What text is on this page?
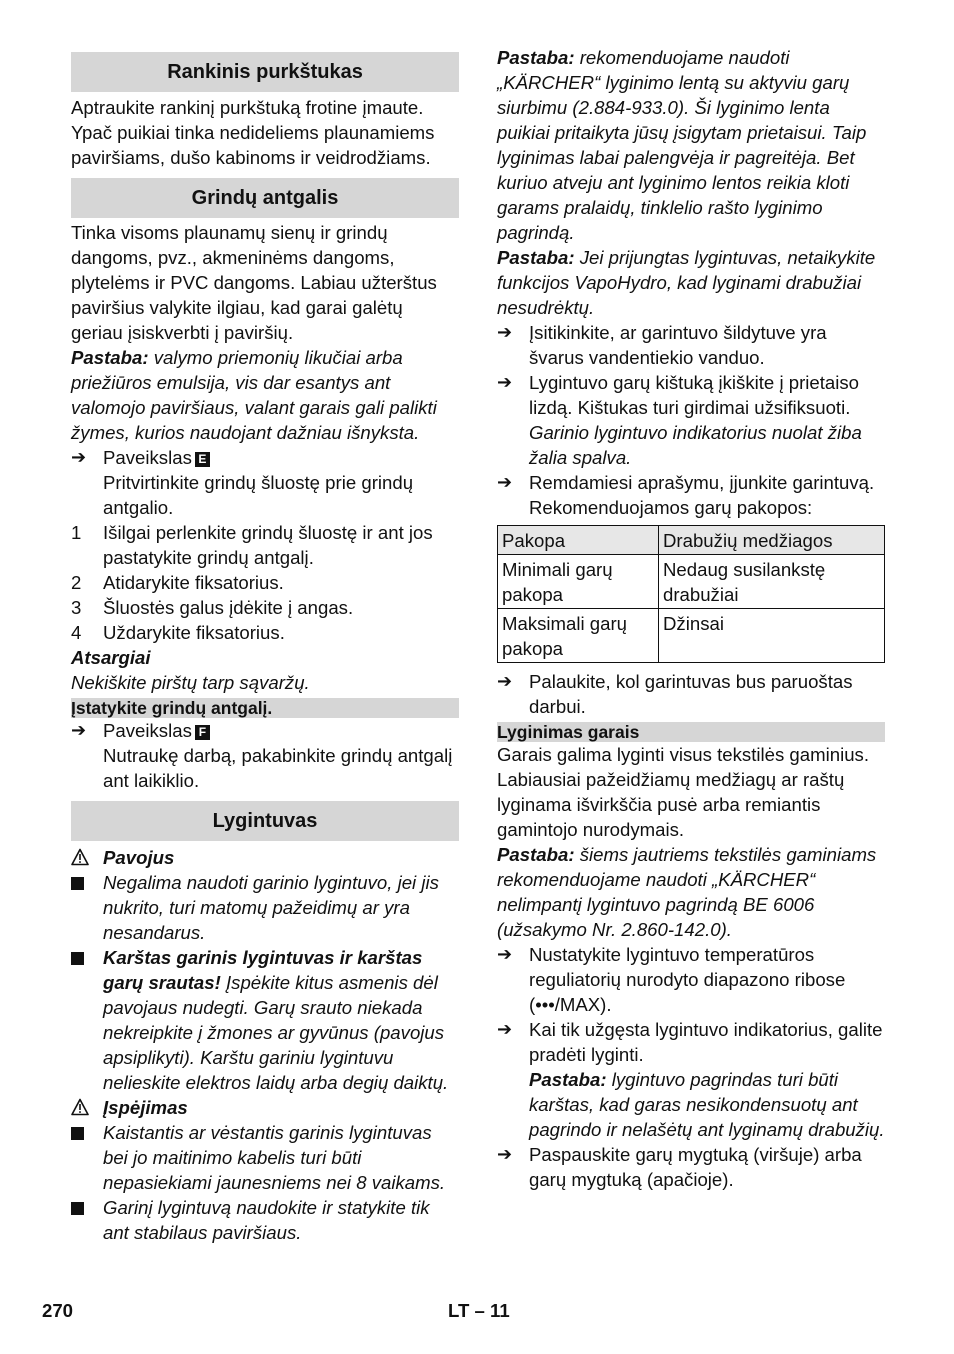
Rankinis purkštukas

Aptraukite rankinį purkštuką frotine įmaute. Ypač puikiai tinka nedideliems plaunamiems paviršiams, dušo kabinoms ir veidrodžiams.

Grindų antgalis

Tinka visoms plaunamų sienų ir grindų dangoms, pvz., akmeninėms dangoms, plytelėms ir PVC dangoms. Labiau užterštus paviršius valykite ilgiau, kad garai galėtų geriau įsiskverbti į paviršių.

Pastaba: valymo priemonių likučiai arba priežiūros emulsija, vis dar esantys ant valomojo paviršiaus, valant garais gali palikti žymes, kurios naudojant dažniau išnyksta.

➔ Paveikslas E

Pritvirtinkite grindų šluostę prie grindų antgalio.

1 Išilgai perlenkite grindų šluostę ir ant jos pastatykite grindų antgalį.
2 Atidarykite fiksatorius.
3 Šluostės galus įdėkite į angas.
4 Uždarykite fiksatorius.

Atsargiai

Nekiškite pirštų tarp sąvaržų.

Įstatykite grindų antgalį.
➔ Paveikslas F

Nutraukę darbą, pakabinkite grindų antgalį ant laikiklio.

Lygintuvas
Pavojus
Negalima naudoti garinio lygintuvo, jei jis nukrito, turi matomų pažeidimų ar yra nesandarus.
Karštas garinis lygintuvas ir karštas garų srautas! Įspėkite kitus asmenis dėl pavojaus nudegti. Garų srauto niekada nekreipkite į žmones ar gyvūnus (pavojus apsiplikyti). Karštu gariniu lygintuvu nelieskite elektros laidų arba degių daiktų.
Įspėjimas
Kaistantis ar vėstantis garinis lygintuvas bei jo maitinimo kabelis turi būti nepasiekiami jaunesniems nei 8 vaikams.
Garinį lygintuvą naudokite ir statykite tik ant stabilaus paviršiaus.

Pastaba: rekomenduojame naudoti „KÄRCHER“ lyginimo lentą su aktyviu garų siurbimu (2.884-933.0). Ši lyginimo lenta puikiai pritaikyta jūsų įsigytam prietaisui. Taip lyginimas labai palengvėja ir pagreitėja. Bet kuriuo atveju ant lyginimo lentos reikia kloti garams pralaidų, tinklelio rašto lyginimo pagrindą.

Pastaba: Jei prijungtas lygintuvas, netaikykite funkcijos VapoHydro, kad lyginami drabužiai nesudrėktų.

➔ Įsitikinkite, ar garintuvo šildytuve yra švarus vandentiekio vanduo.
➔ Lygintuvo garų kištuką įkiškite į prietaiso lizdą. Kištukas turi girdimai užsifiksuoti.

Garinio lygintuvo indikatorius nuolat žiba žalia spalva.

➔ Remdamiesi aprašymu, įjunkite garintuvą.

Rekomenduojamos garų pakopos:

Pakopa	Drabužių medžiagos
Minimali garų pakopa	Nedaug susilankstę drabužiai
Maksimali garų pakopa	Džinsai
➔ Palaukite, kol garintuvas bus paruoštas darbui.
Lyginimas garais

Garais galima lyginti visus tekstilės gaminius. Labiausiai pažeidžiamų medžiagų ar raštų lyginama išvirkščia pusė arba remiantis gamintojo nurodymais.

Pastaba: šiems jautriems tekstilės gaminiams rekomenduojame naudoti „KÄRCHER“ nelimpantį lygintuvo pagrindą BE 6006 (užsakymo Nr. 2.860-142.0).

➔ Nustatykite lygintuvo temperatūros reguliatorių nurodyto diapazono ribose (•••/MAX).
➔ Kai tik užgęsta lygintuvo indikatorius, galite pradėti lyginti.

Pastaba: lygintuvo pagrindas turi būti karštas, kad garas nesikondensuotų ant pagrindo ir nelašėtų ant lyginamų drabužių.

➔ Paspauskite garų mygtuką (viršuje) arba garų mygtuką (apačioje).
270	LT – 11
